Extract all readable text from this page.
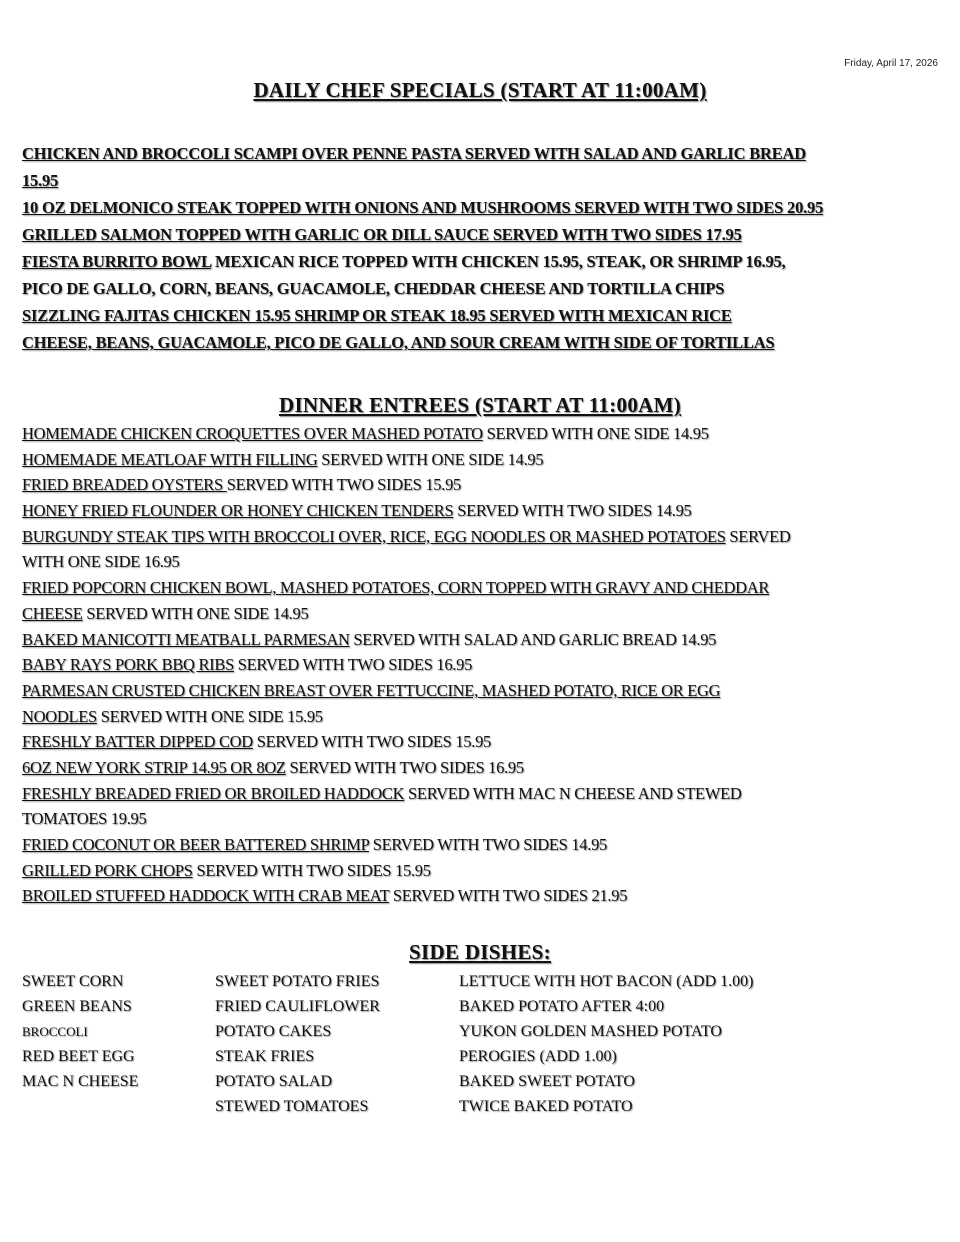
Friday, April 17, 2026
DAILY CHEF SPECIALS (START AT 11:00AM)
CHICKEN AND BROCCOLI SCAMPI OVER PENNE PASTA SERVED WITH SALAD AND GARLIC BREAD
15.95
10 OZ DELMONICO STEAK TOPPED WITH ONIONS AND MUSHROOMS SERVED WITH TWO SIDES 20.95
GRILLED SALMON TOPPED WITH GARLIC OR DILL SAUCE SERVED WITH TWO SIDES 17.95
FIESTA BURRITO BOWL MEXICAN RICE TOPPED WITH CHICKEN 15.95, STEAK, OR SHRIMP 16.95,
PICO DE GALLO, CORN, BEANS, GUACAMOLE, CHEDDAR CHEESE AND TORTILLA CHIPS
SIZZLING FAJITAS CHICKEN 15.95 SHRIMP OR STEAK 18.95 SERVED WITH MEXICAN RICE
CHEESE, BEANS, GUACAMOLE, PICO DE GALLO, AND SOUR CREAM WITH SIDE OF TORTILLAS
DINNER ENTREES (START AT 11:00AM)
HOMEMADE CHICKEN CROQUETTES OVER MASHED POTATO SERVED WITH ONE SIDE 14.95
HOMEMADE MEATLOAF WITH FILLING SERVED WITH ONE SIDE 14.95
FRIED BREADED OYSTERS SERVED WITH TWO SIDES 15.95
HONEY FRIED FLOUNDER OR HONEY CHICKEN TENDERS SERVED WITH TWO SIDES 14.95
BURGUNDY STEAK TIPS WITH BROCCOLI OVER, RICE, EGG NOODLES OR MASHED POTATOES SERVED
WITH ONE SIDE 16.95
FRIED POPCORN CHICKEN BOWL, MASHED POTATOES, CORN TOPPED WITH GRAVY AND CHEDDAR
CHEESE SERVED WITH ONE SIDE 14.95
BAKED MANICOTTI MEATBALL PARMESAN SERVED WITH SALAD AND GARLIC BREAD 14.95
BABY RAYS PORK BBQ RIBS SERVED WITH TWO SIDES 16.95
PARMESAN CRUSTED CHICKEN BREAST OVER FETTUCCINE, MASHED POTATO, RICE OR EGG
NOODLES SERVED WITH ONE SIDE 15.95
FRESHLY BATTER DIPPED COD SERVED WITH TWO SIDES 15.95
6OZ NEW YORK STRIP 14.95 OR 8OZ SERVED WITH TWO SIDES 16.95
FRESHLY BREADED FRIED OR BROILED HADDOCK SERVED WITH MAC N CHEESE AND STEWED
TOMATOES 19.95
FRIED COCONUT OR BEER BATTERED SHRIMP SERVED WITH TWO SIDES 14.95
GRILLED PORK CHOPS SERVED WITH TWO SIDES 15.95
BROILED STUFFED HADDOCK WITH CRAB MEAT SERVED WITH TWO SIDES 21.95
SIDE DISHES:
SWEET CORN
GREEN BEANS
BROCCOLI
RED BEET EGG
MAC N CHEESE
SWEET POTATO FRIES
FRIED CAULIFLOWER
POTATO CAKES
STEAK FRIES
POTATO SALAD
STEWED TOMATOES
LETTUCE WITH HOT BACON (ADD 1.00)
BAKED POTATO AFTER 4:00
YUKON GOLDEN MASHED POTATO
PEROGIES (ADD 1.00)
BAKED SWEET POTATO
TWICE BAKED POTATO
